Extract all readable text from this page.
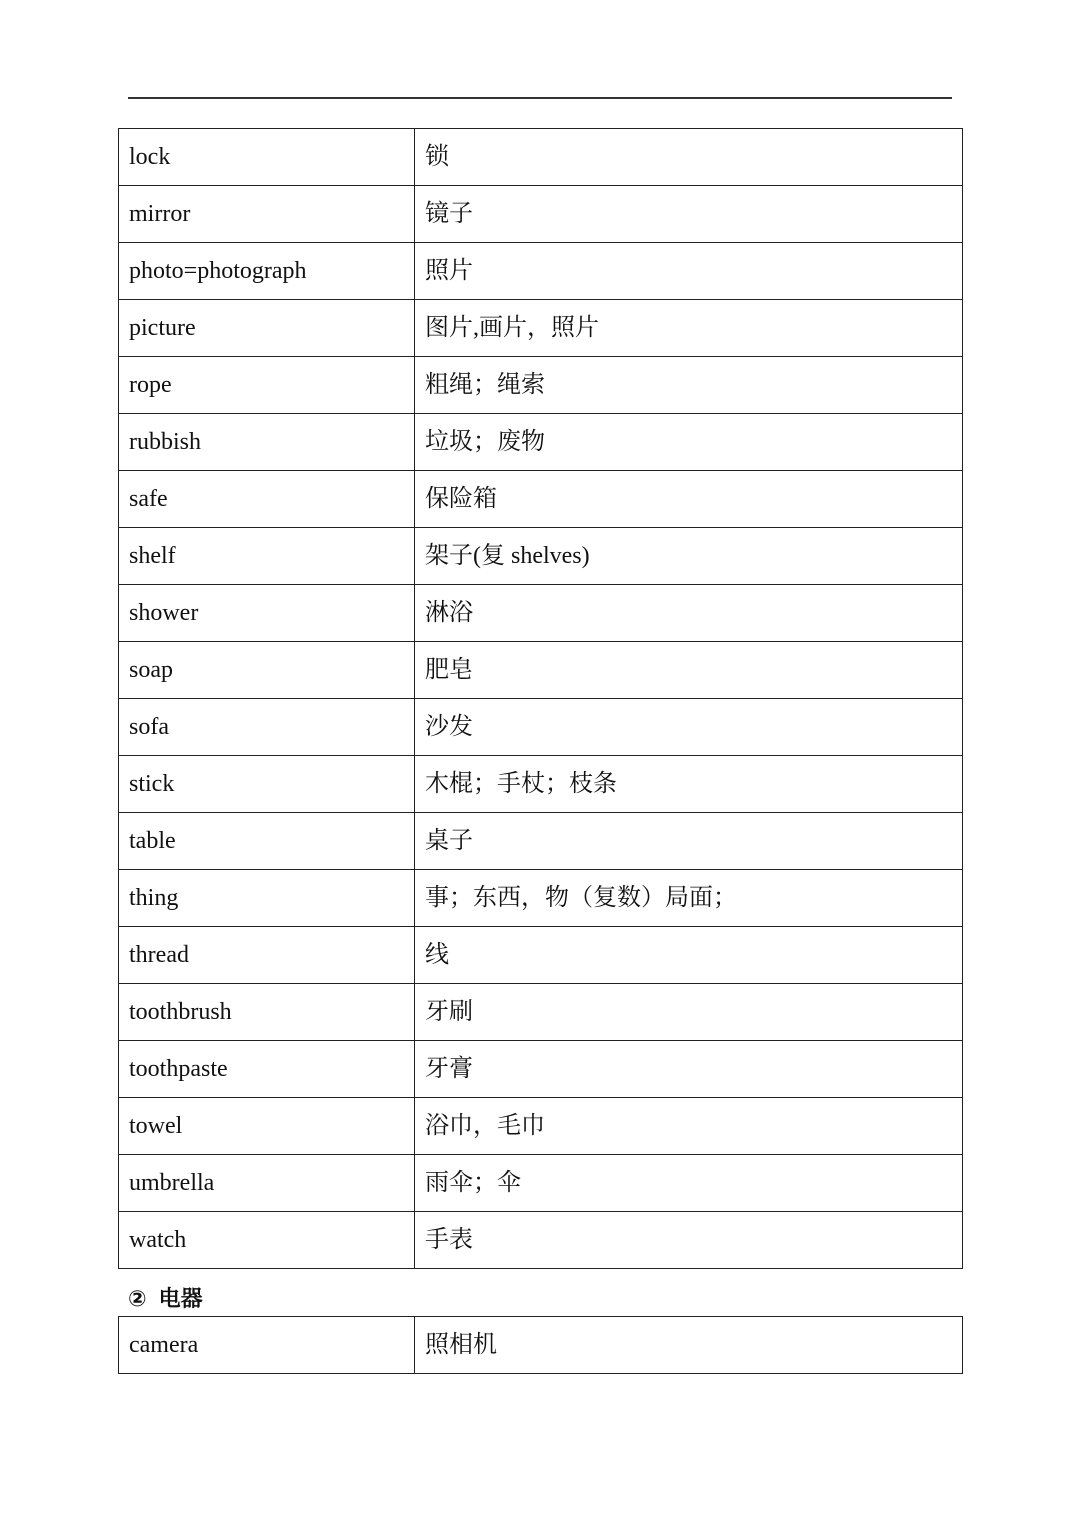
lock	锁
mirror	镜子
photo=photograph	照片
picture	图片,画片，照片
rope	粗绳；绳索
rubbish	垃圾；废物
safe	保险箱
shelf	架子(复 shelves)
shower	淋浴
soap	肥皂
sofa	沙发
stick	木棍；手杖；枝条
table	桌子
thing	事；东西，物（复数）局面；
thread	线
toothbrush	牙刷
toothpaste	牙膏
towel	浴巾，毛巾
umbrella	雨伞；伞
watch	手表
② 电器
camera	照相机
